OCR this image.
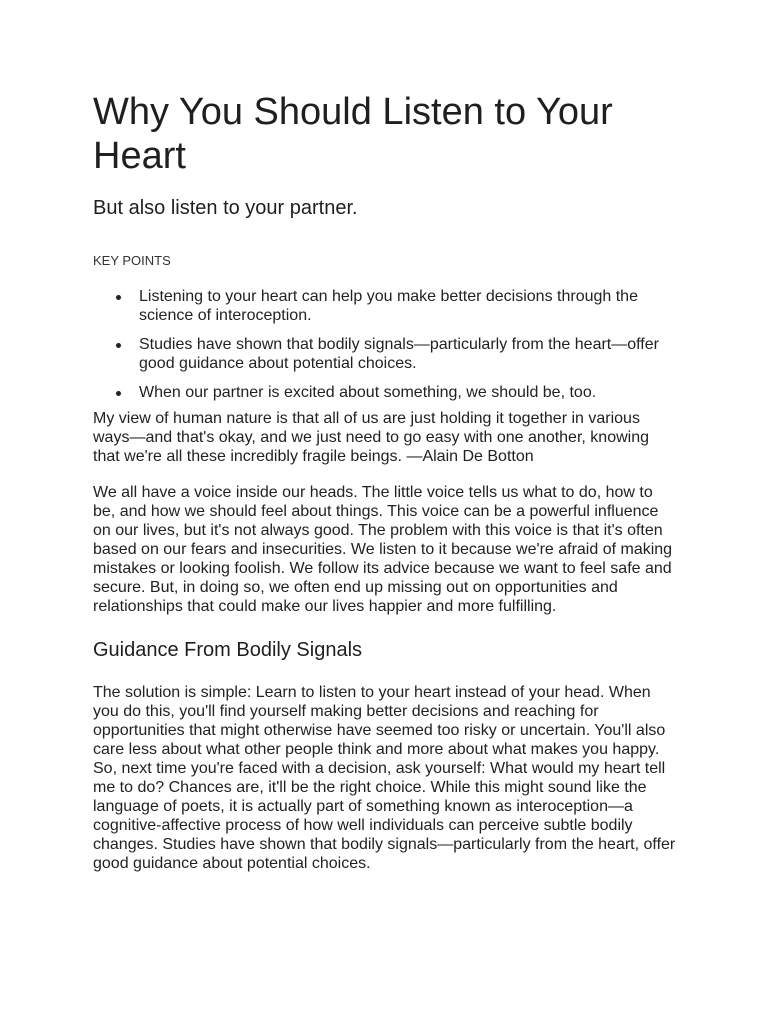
Why You Should Listen to Your Heart

But also listen to your partner.

KEY POINTS

Listening to your heart can help you make better decisions through the science of interoception.
Studies have shown that bodily signals—particularly from the heart—offer good guidance about potential choices.
When our partner is excited about something, we should be, too.

My view of human nature is that all of us are just holding it together in various ways—and that's okay, and we just need to go easy with one another, knowing that we're all these incredibly fragile beings. —Alain De Botton

We all have a voice inside our heads. The little voice tells us what to do, how to be, and how we should feel about things. This voice can be a powerful influence on our lives, but it's not always good. The problem with this voice is that it's often based on our fears and insecurities. We listen to it because we're afraid of making mistakes or looking foolish. We follow its advice because we want to feel safe and secure. But, in doing so, we often end up missing out on opportunities and relationships that could make our lives happier and more fulfilling.

Guidance From Bodily Signals

The solution is simple: Learn to listen to your heart instead of your head. When you do this, you'll find yourself making better decisions and reaching for opportunities that might otherwise have seemed too risky or uncertain. You'll also care less about what other people think and more about what makes you happy. So, next time you're faced with a decision, ask yourself: What would my heart tell me to do? Chances are, it'll be the right choice. While this might sound like the language of poets, it is actually part of something known as interoception—a cognitive-affective process of how well individuals can perceive subtle bodily changes. Studies have shown that bodily signals—particularly from the heart, offer good guidance about potential choices.
